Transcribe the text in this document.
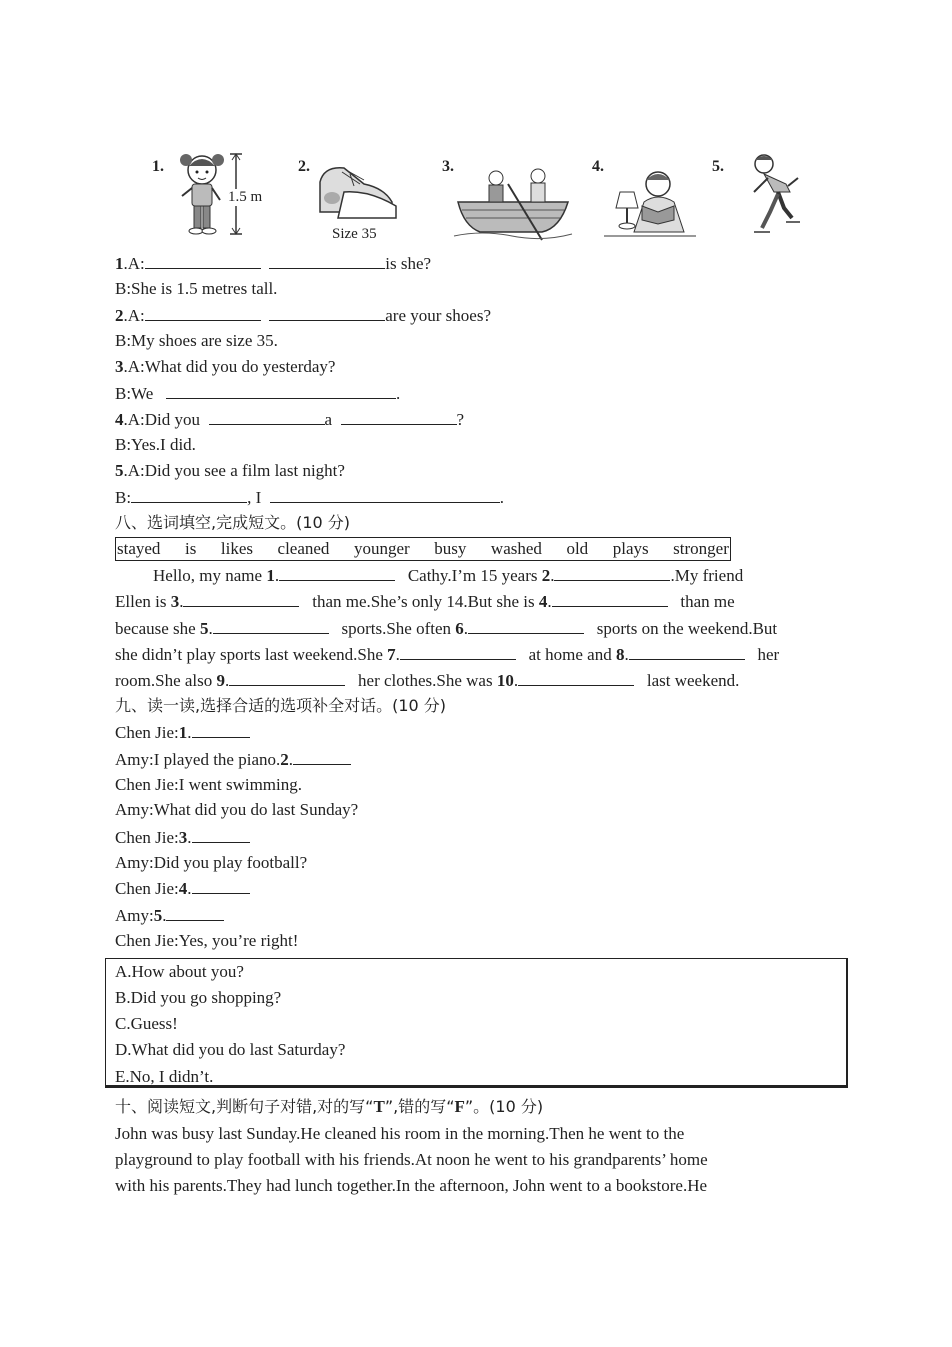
1.
1.5 m
2.
Size 35
3.	4.	5.
1.A:	is she?
B:She is 1.5 metres tall.
2.A:	are your shoes?
B:My shoes are size 35.
3.A:What did you do yesterday?
B:We	.
4.A:Did you	a	?
B:Yes.I did.
5.A:Did you see a film last night?
B:	, I	.
八、选词填空,完成短文。(10 分)
stayed is likes cleaned younger busy washed old plays stronger
Hello, my name 1.	Cathy.I’m 15 years 2.	.My friend
Ellen is 3.	than me.She’s only 14.But she is 4.	than me
because she 5.	sports.She often 6.	sports on the weekend.But
she didn’t play sports last weekend.She 7.	at home and 8.	her
room.She also 9.	her clothes.She was 10.	last weekend.
九、读一读,选择合适的选项补全对话。(10 分)
Chen Jie:1.
Amy:I played the piano.2.
Chen Jie:I went swimming.
Amy:What did you do last Sunday?
Chen Jie:3.
Amy:Did you play football?
Chen Jie:4.
Amy:5.
Chen Jie:Yes, you’re right!
A.How about you?
B.Did you go shopping?
C.Guess!
D.What did you do last Saturday?
E.No, I didn’t.
十、阅读短文,判断句子对错,对的写“T”,错的写“F”。(10 分)
John was busy last Sunday.He cleaned his room in the morning.Then he went to the
playground to play football with his friends.At noon he went to his grandparents’ home
with his parents.They had lunch together.In the afternoon, John went to a bookstore.He
